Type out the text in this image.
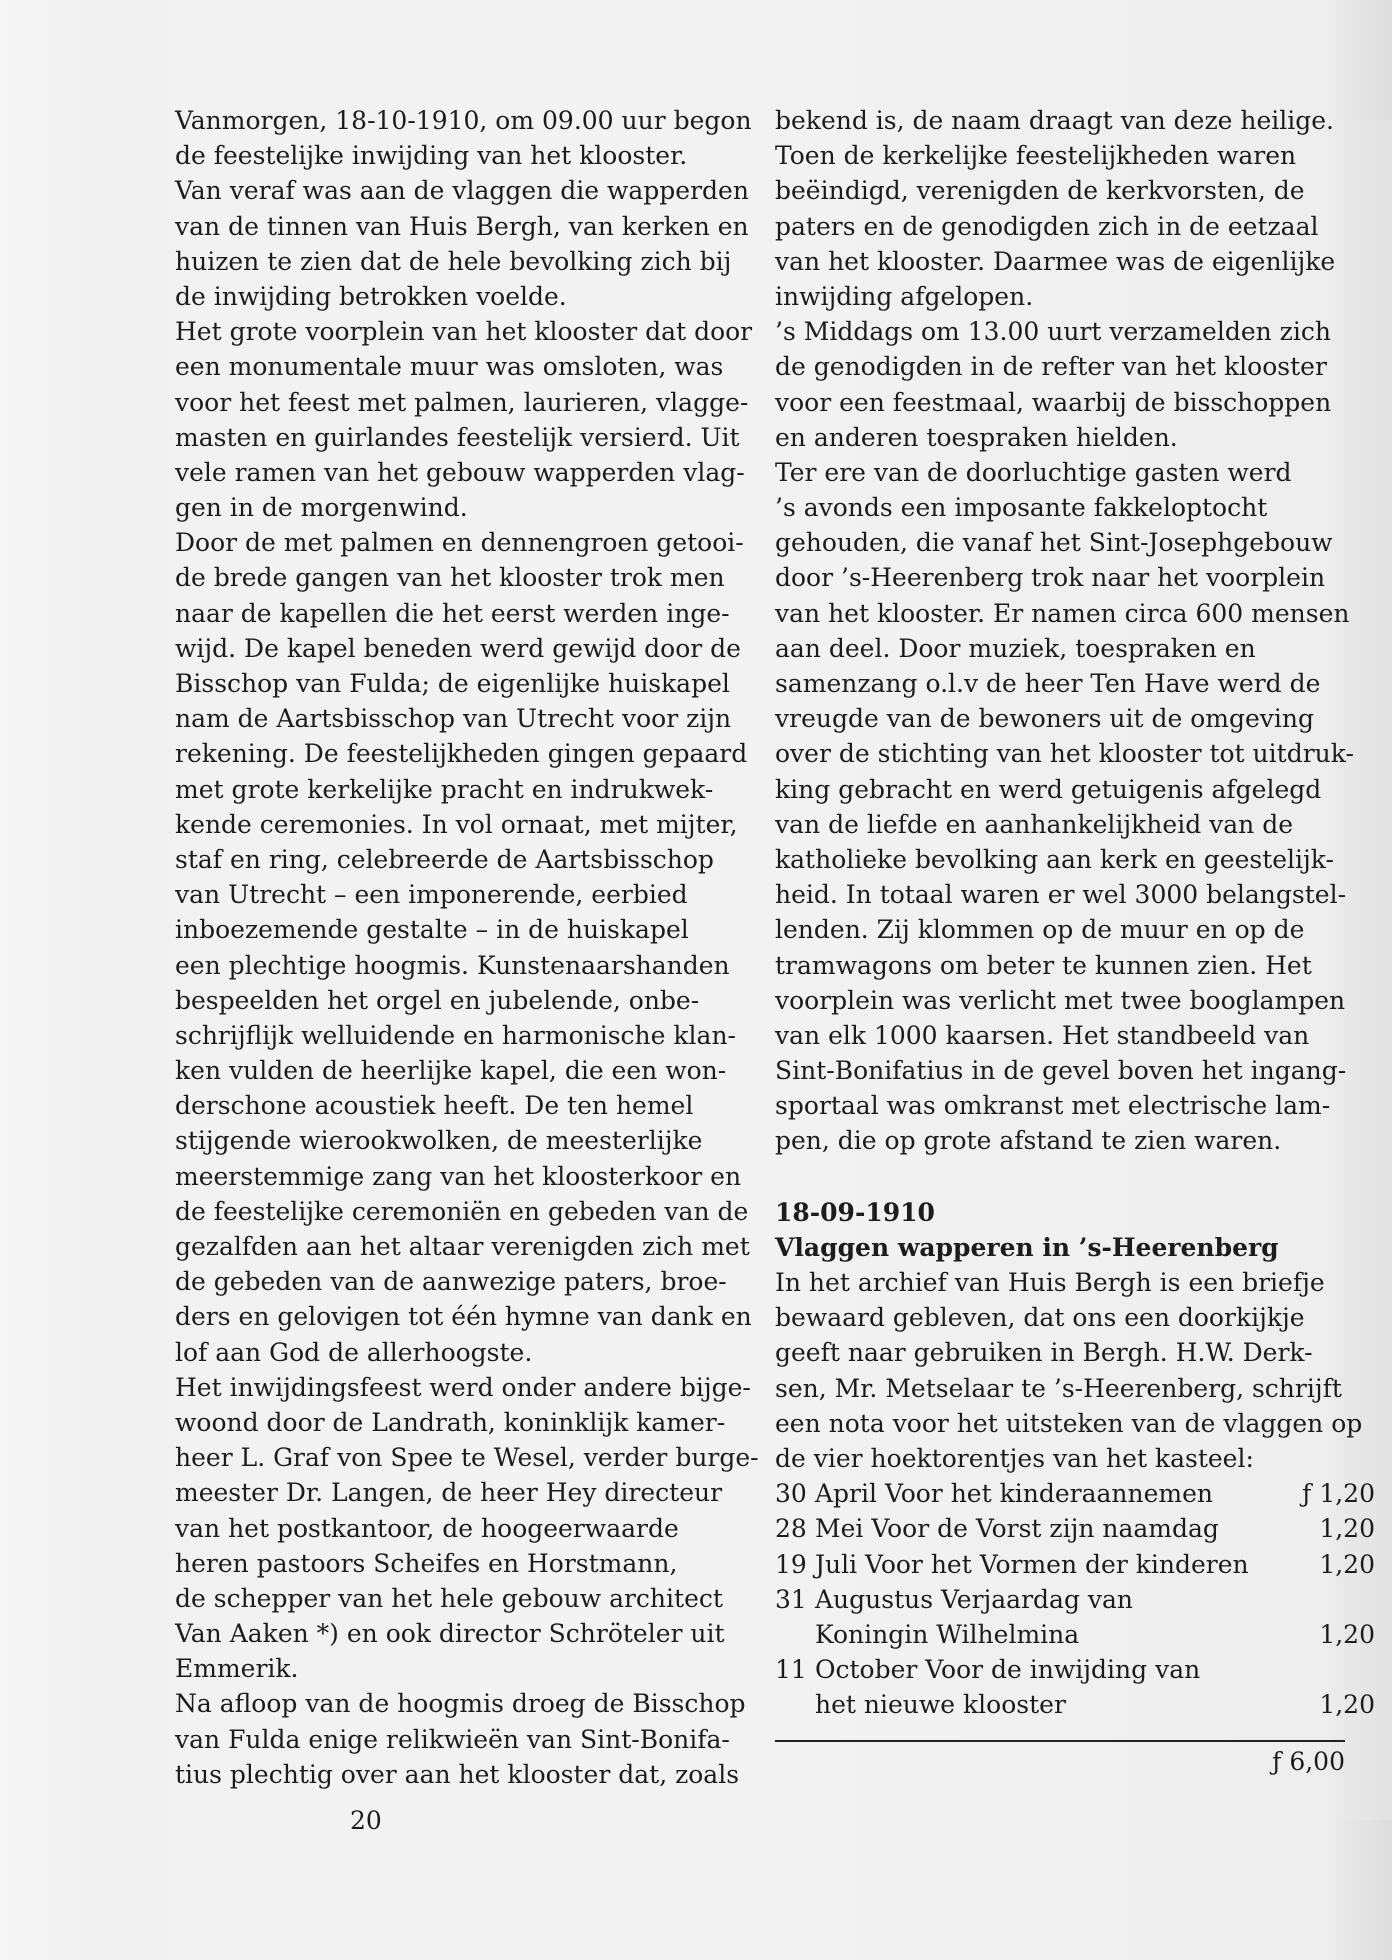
Vanmorgen, 18-10-1910, om 09.00 uur begon
de feestelijke inwijding van het klooster.
Van veraf was aan de vlaggen die wapperden
van de tinnen van Huis Bergh, van kerken en
huizen te zien dat de hele bevolking zich bij
de inwijding betrokken voelde.
Het grote voorplein van het klooster dat door
een monumentale muur was omsloten, was
voor het feest met palmen, laurieren, vlagge-
masten en guirlandes feestelijk versierd. Uit
vele ramen van het gebouw wapperden vlag-
gen in de morgenwind.
Door de met palmen en dennengroen getooi-
de brede gangen van het klooster trok men
naar de kapellen die het eerst werden inge-
wijd. De kapel beneden werd gewijd door de
Bisschop van Fulda; de eigenlijke huiskapel
nam de Aartsbisschop van Utrecht voor zijn
rekening. De feestelijkheden gingen gepaard
met grote kerkelijke pracht en indrukwek-
kende ceremonies. In vol ornaat, met mijter,
staf en ring, celebreerde de Aartsbisschop
van Utrecht – een imponerende, eerbied
inboezemende gestalte – in de huiskapel
een plechtige hoogmis. Kunstenaarshanden
bespeelden het orgel en jubelende, onbe-
schrijflijk welluidende en harmonische klan-
ken vulden de heerlijke kapel, die een won-
derschone acoustiek heeft. De ten hemel
stijgende wierookwolken, de meesterlijke
meerstemmige zang van het kloosterkoor en
de feestelijke ceremoniën en gebeden van de
gezalfden aan het altaar verenigden zich met
de gebeden van de aanwezige paters, broe-
ders en gelovigen tot één hymne van dank en
lof aan God de allerhoogste.
Het inwijdingsfeest werd onder andere bijge-
woond door de Landrath, koninklijk kamer-
heer L. Graf von Spee te Wesel, verder burge-
meester Dr. Langen, de heer Hey directeur
van het postkantoor, de hoogeerwaarde
heren pastoors Scheifes en Horstmann,
de schepper van het hele gebouw architect
Van Aaken *) en ook director Schröteler uit
Emmerik.
Na afloop van de hoogmis droeg de Bisschop
van Fulda enige relikwieën van Sint-Bonifa-
tius plechtig over aan het klooster dat, zoals
bekend is, de naam draagt van deze heilige.
Toen de kerkelijke feestelijkheden waren
beëindigd, verenigden de kerkvorsten, de
paters en de genodigden zich in de eetzaal
van het klooster. Daarmee was de eigenlijke
inwijding afgelopen.
’s Middags om 13.00 uurt verzamelden zich
de genodigden in de refter van het klooster
voor een feestmaal, waarbij de bisschoppen
en anderen toespraken hielden.
Ter ere van de doorluchtige gasten werd
’s avonds een imposante fakkeloptocht
gehouden, die vanaf het Sint-Josephgebouw
door ’s-Heerenberg trok naar het voorplein
van het klooster. Er namen circa 600 mensen
aan deel. Door muziek, toespraken en
samenzang o.l.v de heer Ten Have werd de
vreugde van de bewoners uit de omgeving
over de stichting van het klooster tot uitdruk-
king gebracht en werd getuigenis afgelegd
van de liefde en aanhankelijkheid van de
katholieke bevolking aan kerk en geestelijk-
heid. In totaal waren er wel 3000 belangstel-
lenden. Zij klommen op de muur en op de
tramwagons om beter te kunnen zien. Het
voorplein was verlicht met twee booglampen
van elk 1000 kaarsen. Het standbeeld van
Sint-Bonifatius in de gevel boven het ingang-
sportaal was omkranst met electrische lam-
pen, die op grote afstand te zien waren.
18-09-1910
Vlaggen wapperen in ’s-Heerenberg
In het archief van Huis Bergh is een briefje
bewaard gebleven, dat ons een doorkijkje
geeft naar gebruiken in Bergh. H.W. Derk-
sen, Mr. Metselaar te ’s-Heerenberg, schrijft
een nota voor het uitsteken van de vlaggen op
de vier hoektorentjes van het kasteel:
30 April Voor het kinderaannemen	ƒ 1,20
28 Mei Voor de Vorst zijn naamdag	1,20
19 Juli Voor het Vormen der kinderen	1,20
31 Augustus Verjaardag van
Koningin Wilhelmina	1,20
11 October Voor de inwijding van
het nieuwe klooster	1,20
ƒ 6,00
20
